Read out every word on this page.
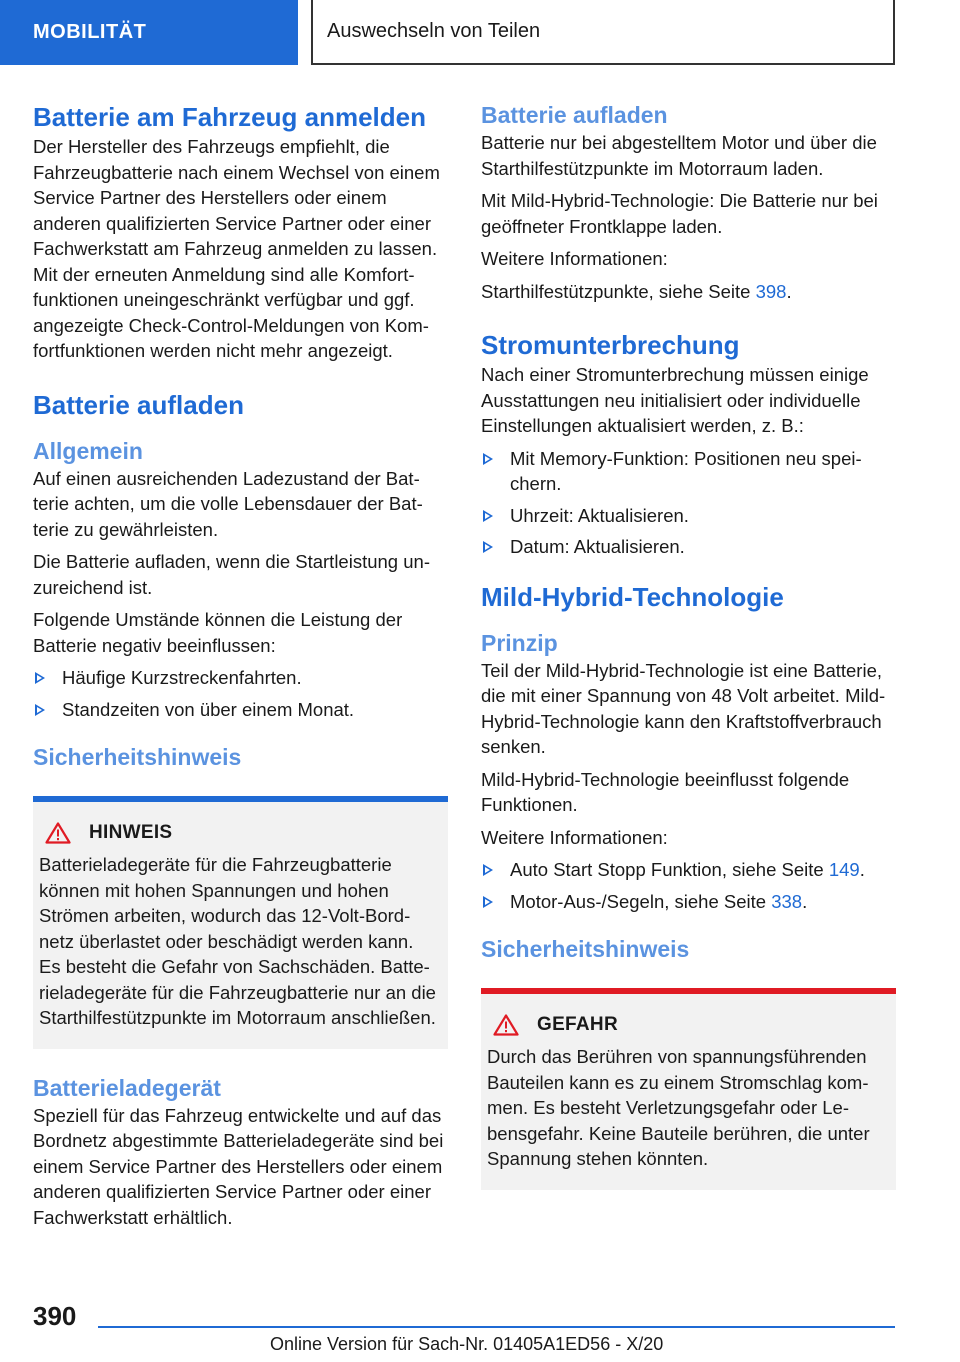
MOBILITÄT	Auswechseln von Teilen
Batterie am Fahrzeug anmelden

Der Hersteller des Fahrzeugs empfiehlt, die Fahrzeugbatterie nach einem Wechsel von einem Service Partner des Herstellers oder einem anderen qualifizierten Service Partner oder einer Fachwerkstatt am Fahrzeug anmelden zu lassen. Mit der erneuten Anmeldung sind alle Komfortfunktionen uneingeschränkt verfügbar und ggf. angezeigte Check-Control-Meldungen von Komfortfunktionen werden nicht mehr angezeigt.

Batterie aufladen
Allgemein

Auf einen ausreichenden Ladezustand der Batterie achten, um die volle Lebensdauer der Batterie zu gewährleisten.

Die Batterie aufladen, wenn die Startleistung unzureichend ist.

Folgende Umstände können die Leistung der Batterie negativ beeinflussen:

Häufige Kurzstreckenfahrten.
Standzeiten von über einem Monat.
Sicherheitshinweis
HINWEIS

Batterieladegeräte für die Fahrzeugbatterie können mit hohen Spannungen und hohen Strömen arbeiten, wodurch das 12-Volt-Bordnetz überlastet oder beschädigt werden kann. Es besteht die Gefahr von Sachschäden. Batterieladegeräte für die Fahrzeugbatterie nur an die Starthilfestützpunkte im Motorraum anschließen.

Batterieladegerät

Speziell für das Fahrzeug entwickelte und auf das Bordnetz abgestimmte Batterieladegeräte sind bei einem Service Partner des Herstellers oder einem anderen qualifizierten Service Partner oder einer Fachwerkstatt erhältlich.

Batterie aufladen

Batterie nur bei abgestelltem Motor und über die Starthilfestützpunkte im Motorraum laden.

Mit Mild-Hybrid-Technologie: Die Batterie nur bei geöffneter Frontklappe laden.

Weitere Informationen:

Starthilfestützpunkte, siehe Seite 398.

Stromunterbrechung

Nach einer Stromunterbrechung müssen einige Ausstattungen neu initialisiert oder individuelle Einstellungen aktualisiert werden, z. B.:

Mit Memory-Funktion: Positionen neu speichern.
Uhrzeit: Aktualisieren.
Datum: Aktualisieren.
Mild-Hybrid-Technologie
Prinzip

Teil der Mild-Hybrid-Technologie ist eine Batterie, die mit einer Spannung von 48 Volt arbeitet. Mild-Hybrid-Technologie kann den Kraftstoffverbrauch senken.

Mild-Hybrid-Technologie beeinflusst folgende Funktionen.

Weitere Informationen:

Auto Start Stopp Funktion, siehe Seite 149.
Motor-Aus-/Segeln, siehe Seite 338.
Sicherheitshinweis
GEFAHR

Durch das Berühren von spannungsführenden Bauteilen kann es zu einem Stromschlag kommen. Es besteht Verletzungsgefahr oder Lebensgefahr. Keine Bauteile berühren, die unter Spannung stehen könnten.

390
Online Version für Sach-Nr. 01405A1ED56 - X/20
